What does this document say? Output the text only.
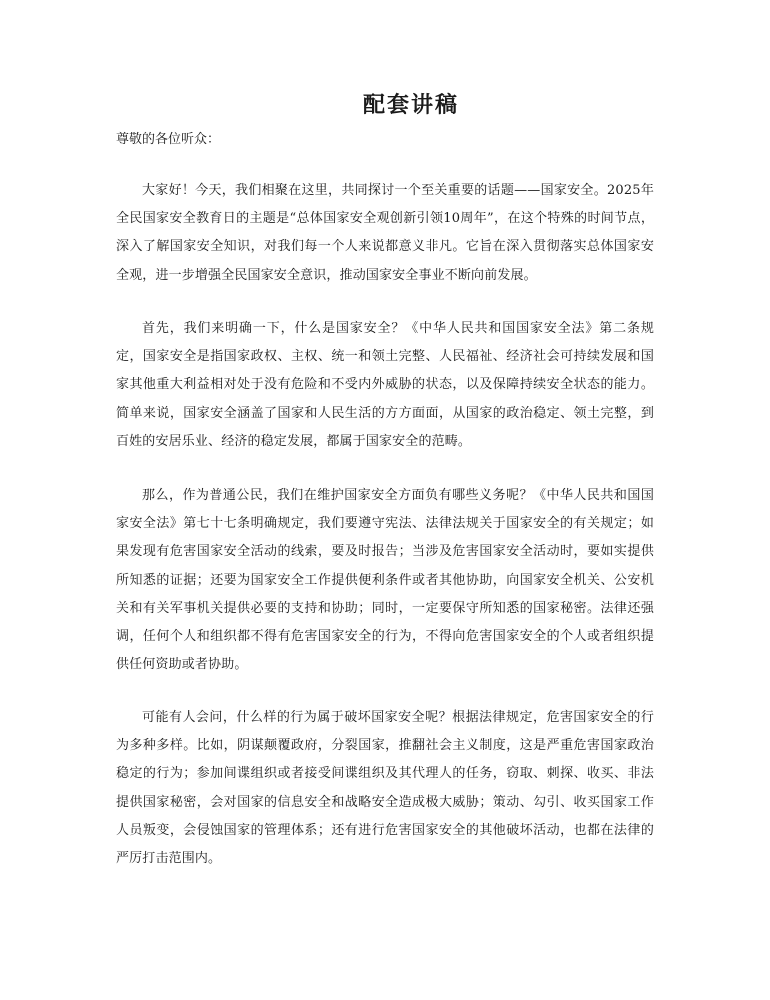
配套讲稿

尊敬的各位听众：

大家好！今天，我们相聚在这里，共同探讨一个至关重要的话题——国家安全。2025年全民国家安全教育日的主题是“总体国家安全观创新引领10周年”，在这个特殊的时间节点，深入了解国家安全知识，对我们每一个人来说都意义非凡。它旨在深入贯彻落实总体国家安全观，进一步增强全民国家安全意识，推动国家安全事业不断向前发展。

首先，我们来明确一下，什么是国家安全？《中华人民共和国国家安全法》第二条规定，国家安全是指国家政权、主权、统一和领土完整、人民福祉、经济社会可持续发展和国家其他重大利益相对处于没有危险和不受内外威胁的状态，以及保障持续安全状态的能力。简单来说，国家安全涵盖了国家和人民生活的方方面面，从国家的政治稳定、领土完整，到百姓的安居乐业、经济的稳定发展，都属于国家安全的范畴。

那么，作为普通公民，我们在维护国家安全方面负有哪些义务呢？《中华人民共和国国家安全法》第七十七条明确规定，我们要遵守宪法、法律法规关于国家安全的有关规定；如果发现有危害国家安全活动的线索，要及时报告；当涉及危害国家安全活动时，要如实提供所知悉的证据；还要为国家安全工作提供便利条件或者其他协助，向国家安全机关、公安机关和有关军事机关提供必要的支持和协助；同时，一定要保守所知悉的国家秘密。法律还强调，任何个人和组织都不得有危害国家安全的行为，不得向危害国家安全的个人或者组织提供任何资助或者协助。

可能有人会问，什么样的行为属于破坏国家安全呢？根据法律规定，危害国家安全的行为多种多样。比如，阴谋颠覆政府，分裂国家，推翻社会主义制度，这是严重危害国家政治稳定的行为；参加间谍组织或者接受间谍组织及其代理人的任务，窃取、刺探、收买、非法提供国家秘密，会对国家的信息安全和战略安全造成极大威胁；策动、勾引、收买国家工作人员叛变，会侵蚀国家的管理体系；还有进行危害国家安全的其他破坏活动，也都在法律的严厉打击范围内。
